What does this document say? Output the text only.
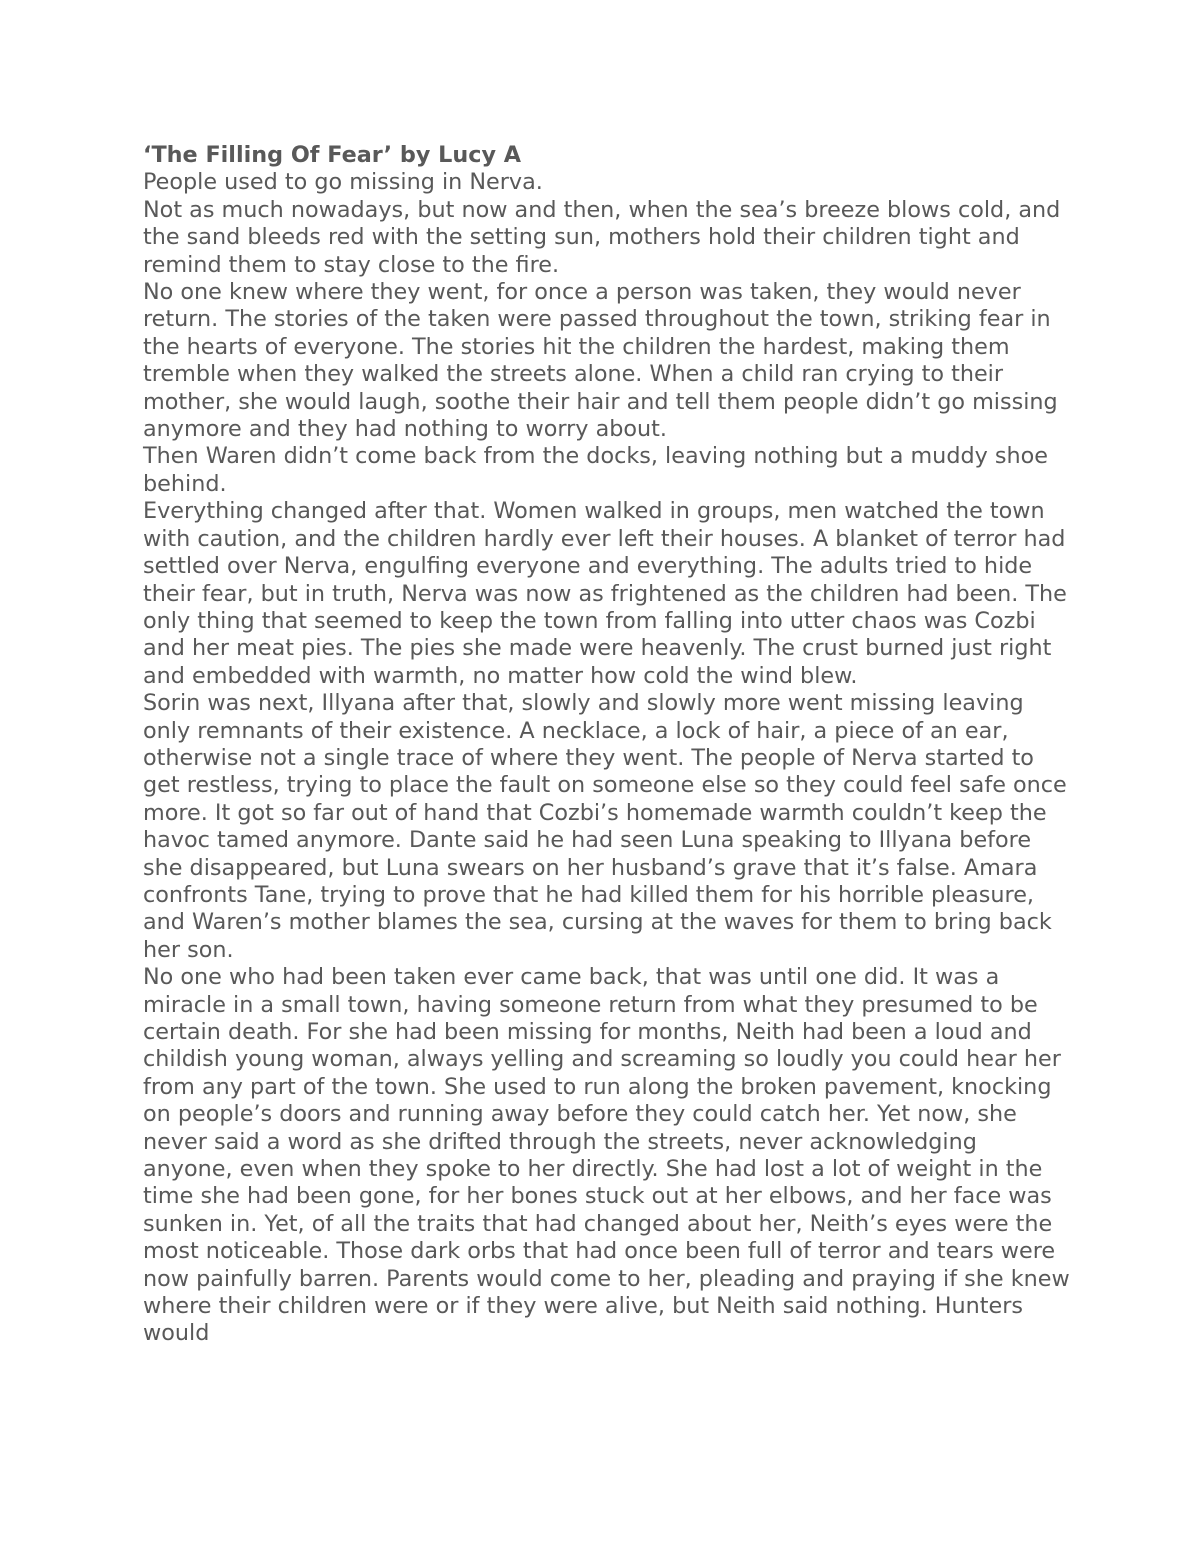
‘The Filling Of Fear’ by Lucy A

People used to go missing in Nerva.

Not as much nowadays, but now and then, when the sea’s breeze blows cold, and the sand bleeds red with the setting sun, mothers hold their children tight and remind them to stay close to the fire.

No one knew where they went, for once a person was taken, they would never return. The stories of the taken were passed throughout the town, striking fear in the hearts of everyone. The stories hit the children the hardest, making them tremble when they walked the streets alone. When a child ran crying to their mother, she would laugh, soothe their hair and tell them people didn’t go missing anymore and they had nothing to worry about.

Then Waren didn’t come back from the docks, leaving nothing but a muddy shoe behind.

Everything changed after that. Women walked in groups, men watched the town with caution, and the children hardly ever left their houses. A blanket of terror had settled over Nerva, engulfing everyone and everything. The adults tried to hide their fear, but in truth, Nerva was now as frightened as the children had been. The only thing that seemed to keep the town from falling into utter chaos was Cozbi and her meat pies. The pies she made were heavenly. The crust burned just right and embedded with warmth, no matter how cold the wind blew.

Sorin was next, Illyana after that, slowly and slowly more went missing leaving only remnants of their existence. A necklace, a lock of hair, a piece of an ear, otherwise not a single trace of where they went. The people of Nerva started to get restless, trying to place the fault on someone else so they could feel safe once more. It got so far out of hand that Cozbi’s homemade warmth couldn’t keep the havoc tamed anymore. Dante said he had seen Luna speaking to Illyana before she disappeared, but Luna swears on her husband’s grave that it’s false. Amara confronts Tane, trying to prove that he had killed them for his horrible pleasure, and Waren’s mother blames the sea, cursing at the waves for them to bring back her son.

No one who had been taken ever came back, that was until one did. It was a miracle in a small town, having someone return from what they presumed to be certain death. For she had been missing for months, Neith had been a loud and childish young woman, always yelling and screaming so loudly you could hear her from any part of the town. She used to run along the broken pavement, knocking on people’s doors and running away before they could catch her. Yet now, she never said a word as she drifted through the streets, never acknowledging anyone, even when they spoke to her directly. She had lost a lot of weight in the time she had been gone, for her bones stuck out at her elbows, and her face was sunken in. Yet, of all the traits that had changed about her, Neith’s eyes were the most noticeable. Those dark orbs that had once been full of terror and tears were now painfully barren. Parents would come to her, pleading and praying if she knew where their children were or if they were alive, but Neith said nothing. Hunters would
